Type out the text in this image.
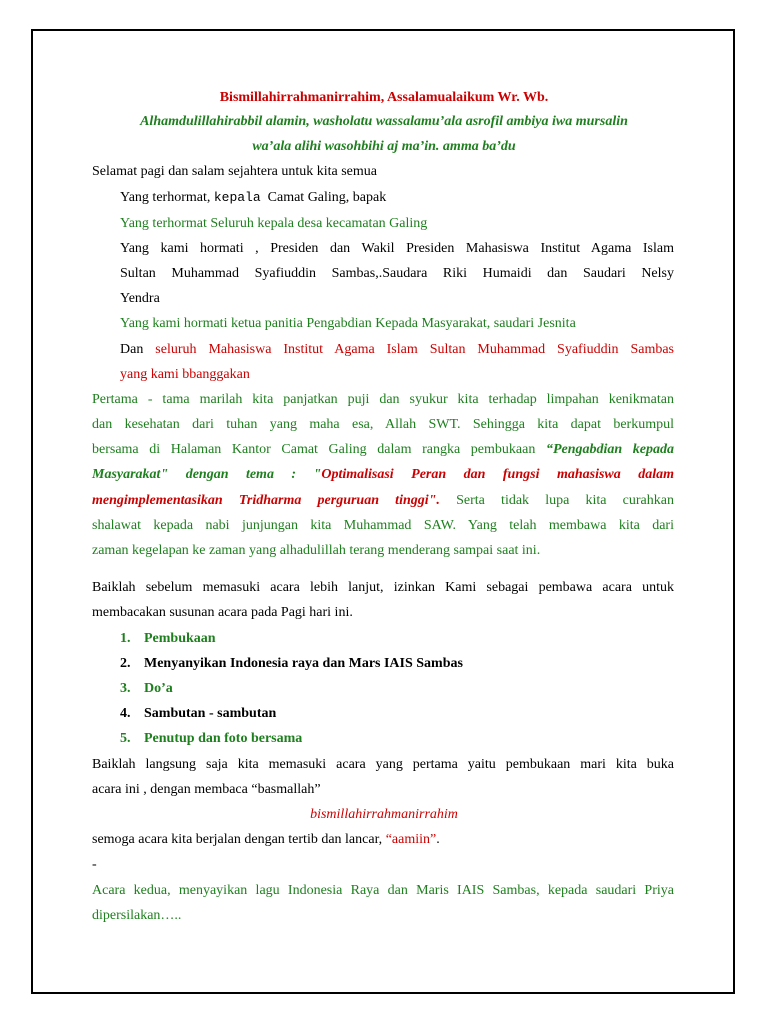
Bismillahirrahmanirrahim, Assalamualaikum Wr. Wb.
Alhamdulillahirabbil alamin, washolatu wassalamu’ala asrofil ambiya iwa mursalin
wa’ala alihi wasohbihi aj ma’in. amma ba’du
Selamat pagi dan salam sejahtera untuk kita semua
Yang terhormat, kepala  Camat Galing, bapak
Yang terhormat Seluruh kepala desa kecamatan Galing
Yang kami hormati , Presiden dan Wakil Presiden Mahasiswa Institut Agama Islam
Sultan Muhammad Syafiuddin Sambas,.Saudara Riki Humaidi dan Saudari Nelsy
Yendra
Yang kami hormati ketua panitia Pengabdian Kepada Masyarakat, saudari Jesnita
Dan seluruh Mahasiswa Institut Agama Islam Sultan Muhammad Syafiuddin Sambas
yang kami bbanggakan
Pertama - tama marilah kita panjatkan puji dan syukur kita terhadap limpahan kenikmatan
dan kesehatan dari tuhan yang maha esa, Allah SWT. Sehingga kita dapat berkumpul
bersama di Halaman Kantor Camat Galing dalam rangka pembukaan “Pengabdian kepada
Masyarakat" dengan tema : "Optimalisasi Peran dan fungsi mahasiswa dalam
mengimplementasikan Tridharma perguruan tinggi". Serta tidak lupa kita curahkan
shalawat kepada nabi junjungan kita Muhammad SAW. Yang telah membawa kita dari
zaman kegelapan ke zaman yang alhadulillah terang menderang sampai saat ini.
Baiklah sebelum memasuki acara lebih lanjut, izinkan Kami sebagai pembawa acara untuk
membacakan susunan acara pada Pagi hari ini.
1. Pembukaan
2. Menyanyikan Indonesia raya dan Mars IAIS Sambas
3. Do’a
4. Sambutan - sambutan
5. Penutup dan foto bersama
Baiklah langsung saja kita memasuki acara yang pertama yaitu pembukaan mari kita buka
acara ini , dengan membaca “basmallah”
bismillahirrahmanirrahim
semoga acara kita berjalan dengan tertib dan lancar, “aamiin”.
-
Acara kedua, menyayikan lagu Indonesia Raya dan Maris IAIS Sambas, kepada saudari Priya
dipersilakan…..
